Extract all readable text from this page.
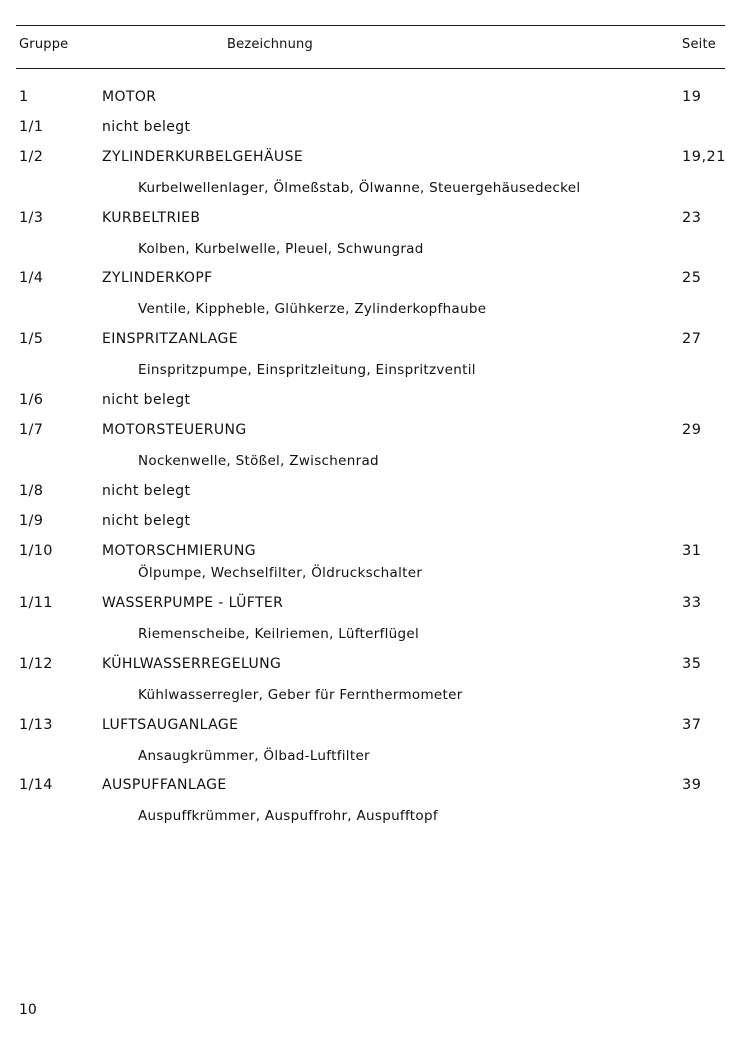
Gruppe	Bezeichnung	Seite
1	MOTOR	19
1/1	nicht belegt
1/2	ZYLINDERKURBELGEHÄUSE	19,21
Kurbelwellenlager, Ölmeßstab, Ölwanne, Steuergehäusedeckel
1/3	KURBELTRIEB	23
Kolben, Kurbelwelle, Pleuel, Schwungrad
1/4	ZYLINDERKOPF	25
Ventile, Kippheble, Glühkerze, Zylinderkopfhaube
1/5	EINSPRITZANLAGE	27
Einspritzpumpe, Einspritzleitung, Einspritzventil
1/6	nicht belegt
1/7	MOTORSTEUERUNG	29
Nockenwelle, Stößel, Zwischenrad
1/8	nicht belegt
1/9	nicht belegt
1/10	MOTORSCHMIERUNG	31
Ölpumpe, Wechselfilter, Öldruckschalter
1/11	WASSERPUMPE - LÜFTER	33
Riemenscheibe, Keilriemen, Lüfterflügel
1/12	KÜHLWASSERREGELUNG	35
Kühlwasserregler, Geber für Fernthermometer
1/13	LUFTSAUGANLAGE	37
Ansaugkrümmer, Ölbad-Luftfilter
1/14	AUSPUFFANLAGE	39
Auspuffkrümmer, Auspuffrohr, Auspufftopf
10
